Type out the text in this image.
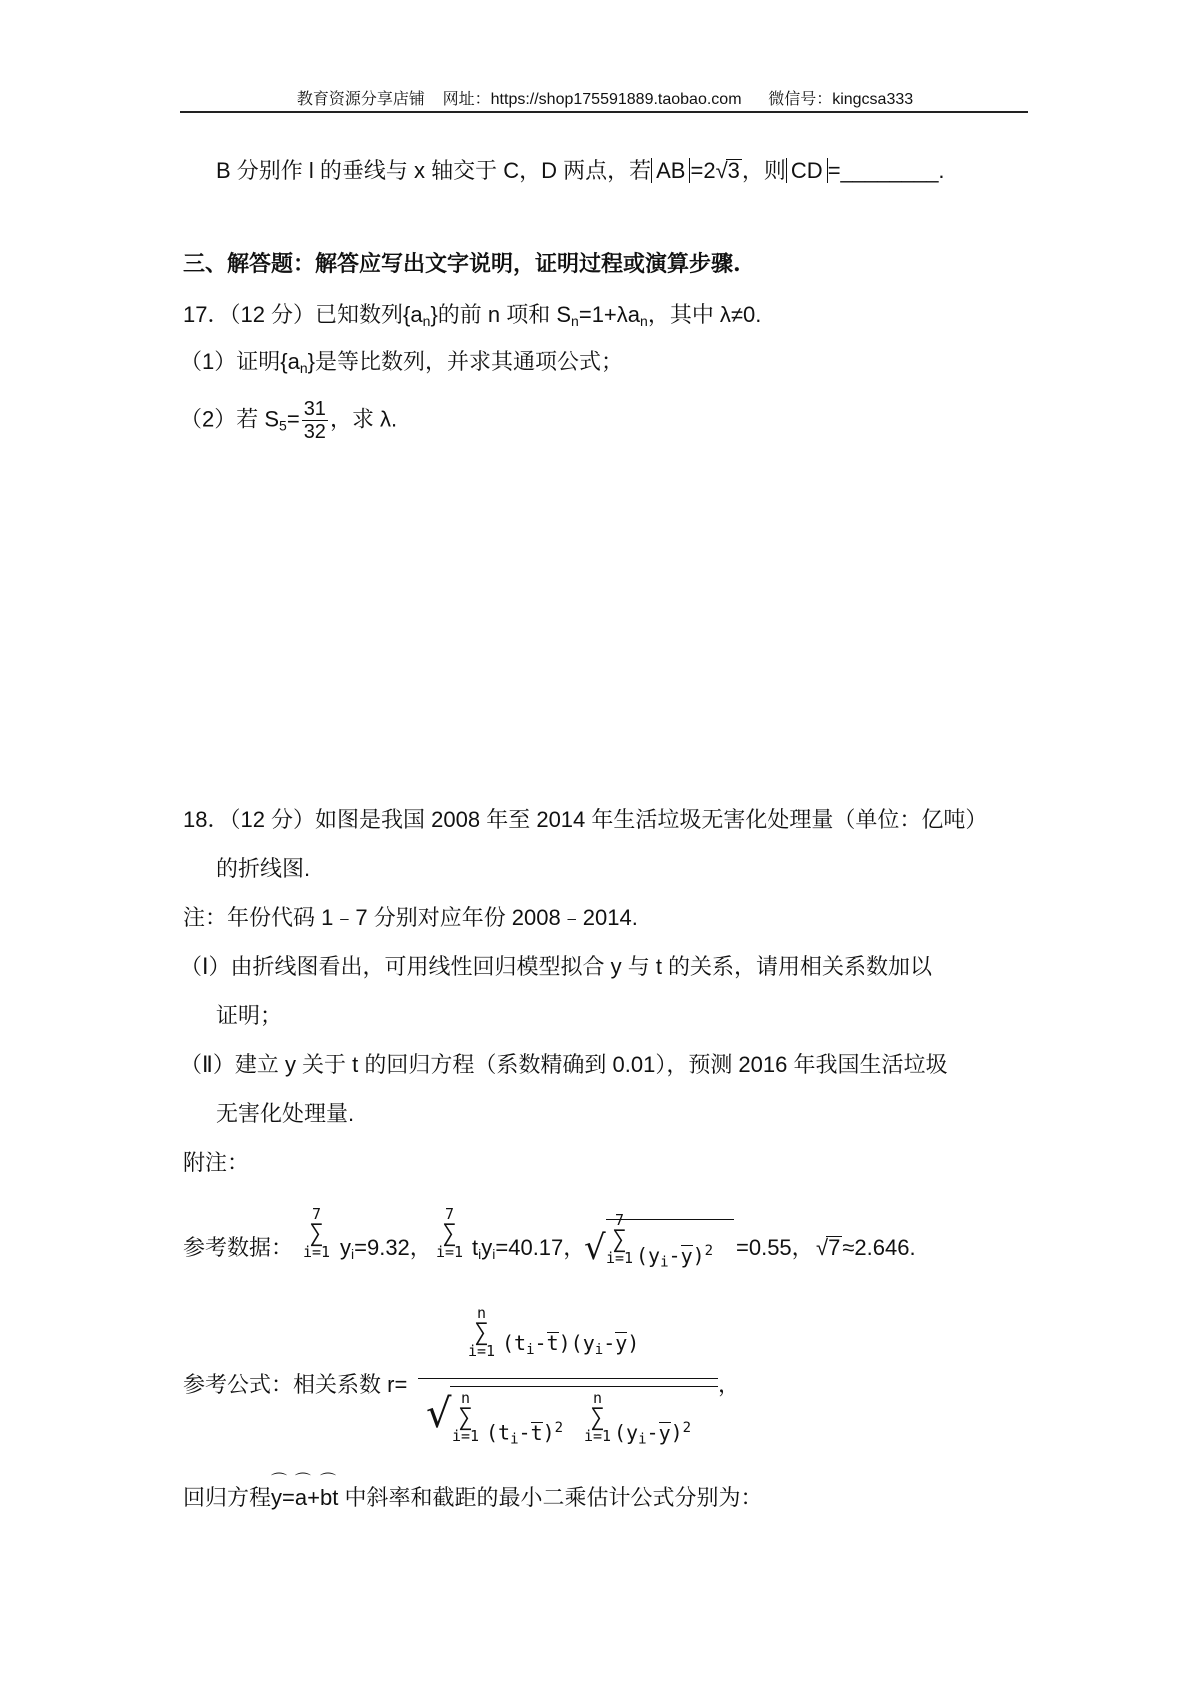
教育资源分享店铺 网址：https://shop175591889.taobao.com 微信号：kingcsa333
B 分别作 l 的垂线与 x 轴交于 C，D 两点，若 AB =2√3，则 CD =________.
三、解答题：解答应写出文字说明，证明过程或演算步骤.
17．（12 分）已知数列$\{a_n\}$的前 n 项和 $S_n=1+\lambda a_n$，其中 λ≠0.
（1）证明$\{a_n\}$是等比数列，并求其通项公式；
（2）若 $S_5= \frac{31}{32}$ ，求 λ.
18．（12 分）如图是我国 2008 年至 2014 年生活垃圾无害化处理量（单位：亿吨）
的折线图.
注：年份代码 1﹣7 分别对应年份 2008﹣2014.
（Ⅰ）由折线图看出，可用线性回归模型拟合 y 与 t 的关系，请用相关系数加以
证明；
（Ⅱ）建立 y 关于 t 的回归方程（系数精确到 0.01），预测 2016 年我国生活垃圾
无害化处理量.
附注：
参考数据：
7
∑
i=1 $y_i=9.32$，
7
∑
i=1 $t_iy_i=40.17$，
√
7
∑
i=1 $(y_i-y)^2 =0.55$， √7≈2.646.
参考公式：相关系数 r=
n
∑
i=1 $(t_i-t)(y_i-y)$
，
√ n
∑
i=1 $(t_i-t)^2$
n
∑
i=1 $(y_i-y)^2$
回归方程⌒ y=⌒ a+⌒ bt 中斜率和截距的最小二乘估计公式分别为：
